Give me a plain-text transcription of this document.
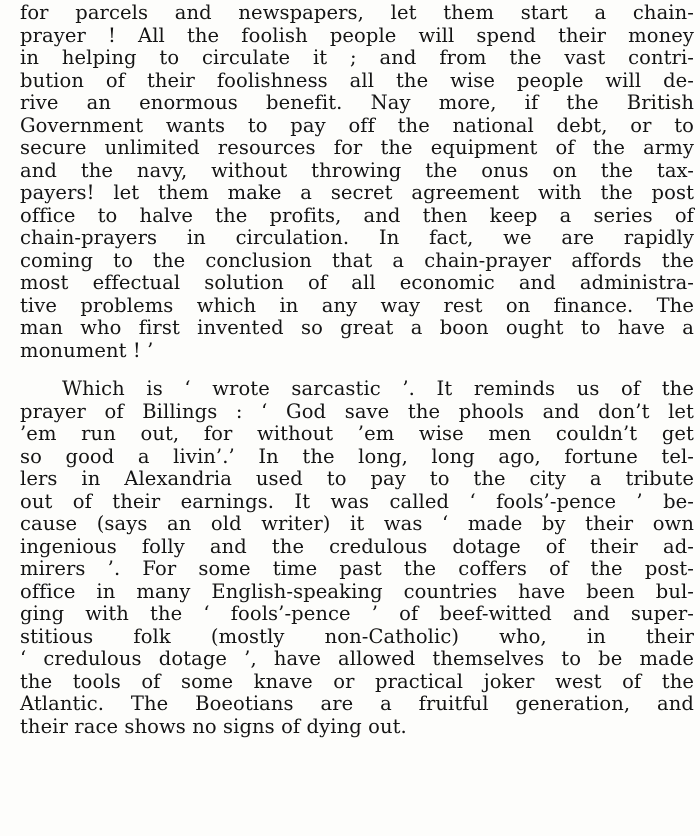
for parcels and newspapers, let them start a chain-
prayer ! All the foolish people will spend their money
in helping to circulate it ; and from the vast contri-
bution of their foolishness all the wise people will de-
rive an enormous benefit. Nay more, if the British
Government wants to pay off the national debt, or to
secure unlimited resources for the equipment of the army
and the navy, without throwing the onus on the tax-
payers! let them make a secret agreement with the post
office to halve the profits, and then keep a series of
chain-prayers in circulation. In fact, we are rapidly
coming to the conclusion that a chain-prayer affords the
most effectual solution of all economic and administra-
tive problems which in any way rest on finance. The
man who first invented so great a boon ought to have a
monument ! ’
Which is ‘ wrote sarcastic ’. It reminds us of the
prayer of Billings : ‘ God save the phools and don’t let
’em run out, for without ’em wise men couldn’t get
so good a livin’.’ In the long, long ago, fortune tel-
lers in Alexandria used to pay to the city a tribute
out of their earnings. It was called ‘ fools’-pence ’ be-
cause (says an old writer) it was ‘ made by their own
ingenious folly and the credulous dotage of their ad-
mirers ’. For some time past the coffers of the post-
office in many English-speaking countries have been bul-
ging with the ‘ fools’-pence ’ of beef-witted and super-
stitious folk (mostly non-Catholic) who, in their
‘ credulous dotage ’, have allowed themselves to be made
the tools of some knave or practical joker west of the
Atlantic. The Boeotians are a fruitful generation, and
their race shows no signs of dying out.
